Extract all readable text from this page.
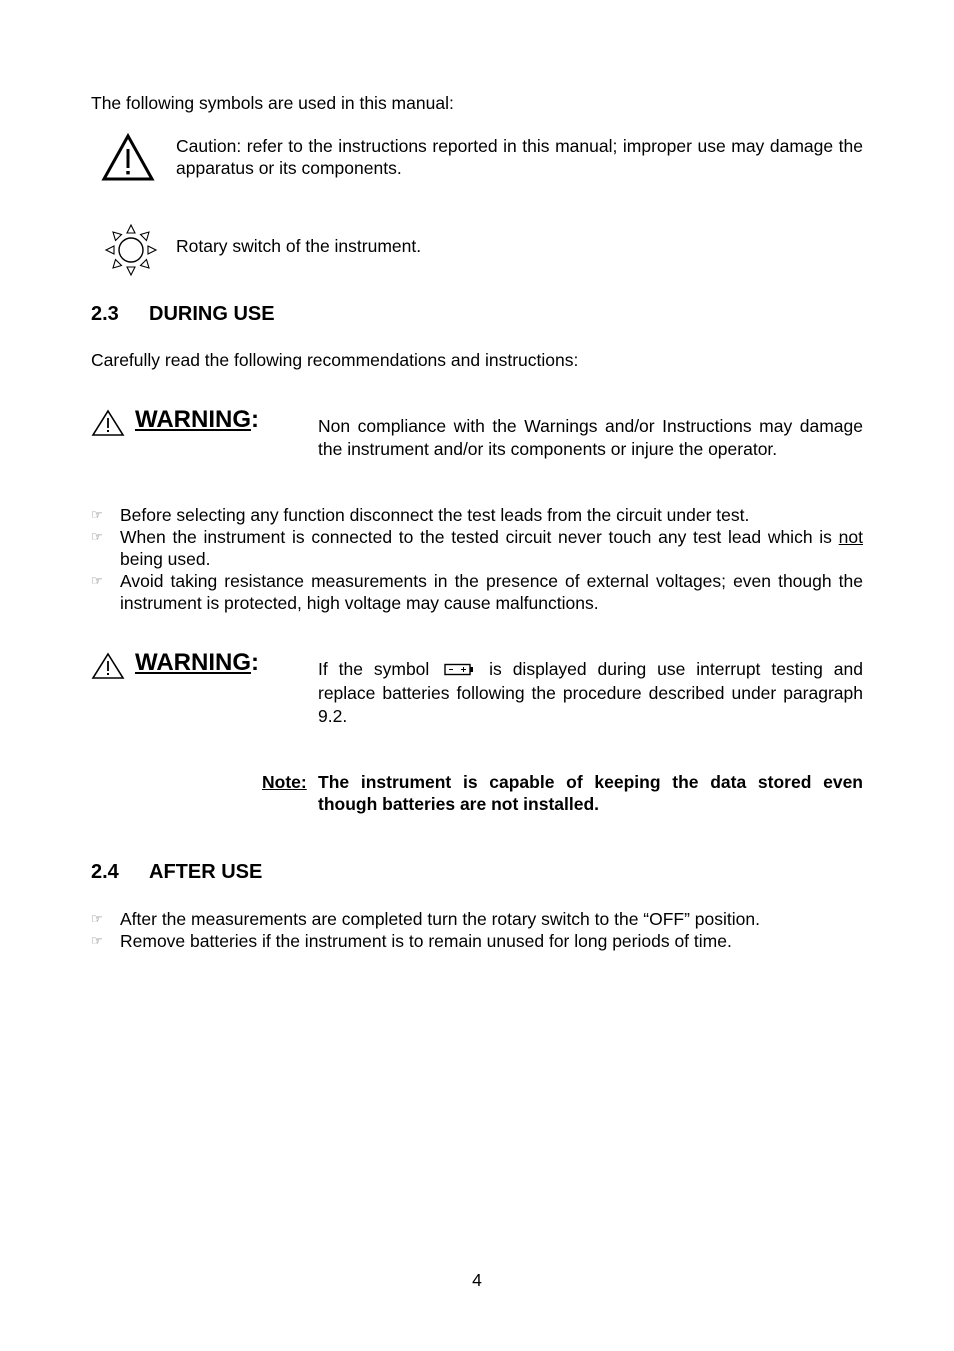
The following symbols are used in this manual:
Caution: refer to the instructions reported in this manual; improper use may damage the apparatus or its components.
Rotary switch of the instrument.
2.3 DURING USE
Carefully read the following recommendations and instructions:
WARNING:	Non compliance with the Warnings and/or Instructions may damage the instrument and/or its components or injure the operator.
☞ Before selecting any function disconnect the test leads from the circuit under test.
☞ When the instrument is connected to the tested circuit never touch any test lead which is not being used.
☞ Avoid taking resistance measurements in the presence of external voltages; even though the instrument is protected, high voltage may cause malfunctions.
WARNING:	If the symbol	is displayed during use interrupt testing and replace batteries following the procedure described under paragraph 9.2.
Note: The instrument is capable of keeping the data stored even though batteries are not installed.
2.4 AFTER USE
☞ After the measurements are completed turn the rotary switch to the “OFF” position.
☞ Remove batteries if the instrument is to remain unused for long periods of time.
4
